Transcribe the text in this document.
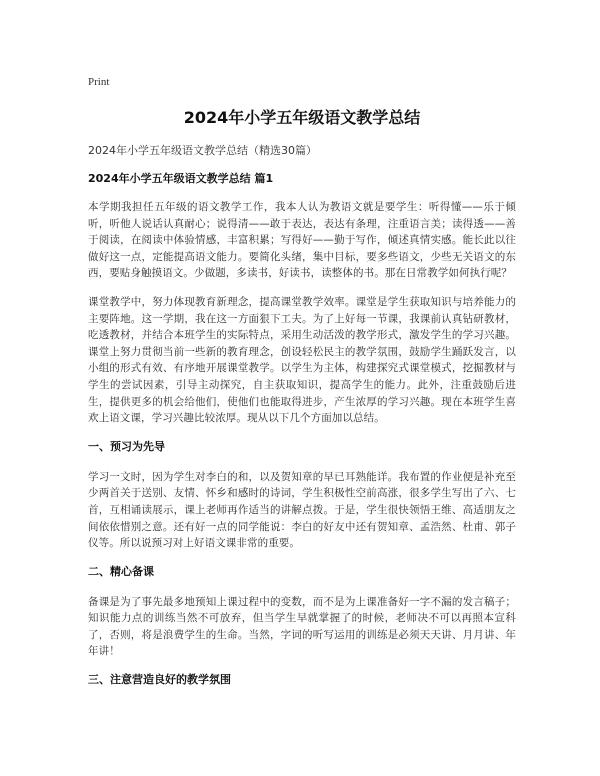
Print
2024年小学五年级语文教学总结

2024年小学五年级语文教学总结（精选30篇）

2024年小学五年级语文教学总结 篇1

本学期我担任五年级的语文教学工作，我本人认为教语文就是要学生：听得懂——乐于倾听，听他人说话认真耐心；说得清——敢于表达，表达有条理，注重语言美；读得透——善于阅读，在阅读中体验情感，丰富积累；写得好——勤于写作，倾述真情实感。能长此以往做好这一点，定能提高语文能力。要简化头绪，集中目标，要多些语文，少些无关语文的东西，要贴身触摸语文。少做题，多读书，好读书，读整体的书。那在日常教学如何执行呢？

课堂教学中，努力体现教育新理念，提高课堂教学效率。课堂是学生获取知识与培养能力的主要阵地。这一学期，我在这一方面狠下工夫。为了上好每一节课，我课前认真钻研教材，吃透教材，并结合本班学生的实际特点，采用生动活泼的教学形式，激发学生的学习兴趣。课堂上努力贯彻当前一些新的教育理念，创设轻松民主的教学氛围，鼓励学生踊跃发言，以小组的形式有效、有序地开展课堂教学。以学生为主体，构建探究式课堂模式，挖掘教材与学生的尝试因素，引导主动探究，自主获取知识，提高学生的能力。此外，注重鼓励后进生，提供更多的机会给他们，使他们也能取得进步，产生浓厚的学习兴趣。现在本班学生喜欢上语文课，学习兴趣比较浓厚。现从以下几个方面加以总结。

一、预习为先导

学习一文时，因为学生对李白的和，以及贺知章的早已耳熟能详。我布置的作业便是补充至少两首关于送别、友情、怀乡和感时的诗词，学生积极性空前高涨，很多学生写出了六、七首，互相诵读展示，课上老师再作适当的讲解点拨。于是，学生很快领悟王维、高适朋友之间依依惜别之意。还有好一点的同学能说：李白的好友中还有贺知章、孟浩然、杜甫、郭子仪等。所以说预习对上好语文课非常的重要。

二、精心备课

备课是为了事先最多地预知上课过程中的变数，而不是为上课准备好一字不漏的发言稿子；知识能力点的训练当然不可放弃，但当学生早就掌握了的时候，老师决不可以再照本宣科了，否则，将是浪费学生的生命。当然，字词的听写运用的训练是必须天天讲、月月讲、年年讲！

三、注意营造良好的教学氛围
